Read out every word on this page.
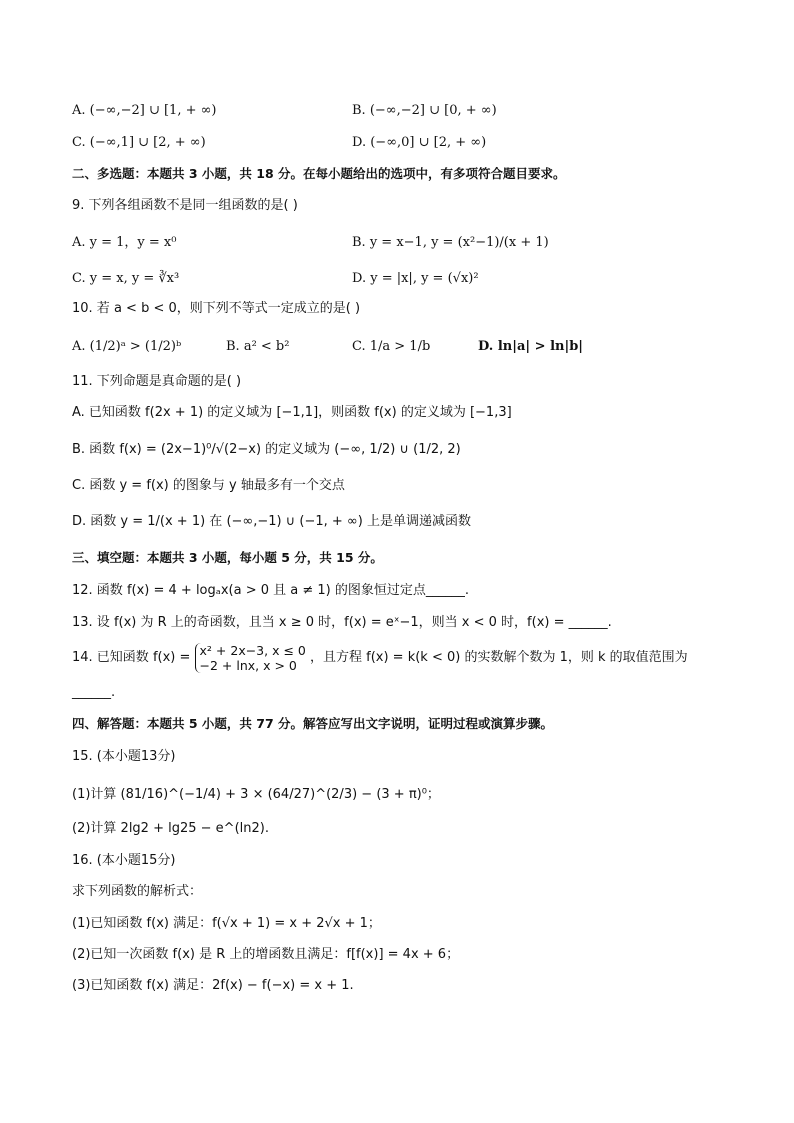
A. (−∞,−2] ∪ [1, + ∞)	B. (−∞,−2] ∪ [0, + ∞)
C. (−∞,1] ∪ [2, + ∞)	D. (−∞,0] ∪ [2, + ∞)
二、多选题：本题共 3 小题，共 18 分。在每小题给出的选项中，有多项符合题目要求。
9. 下列各组函数不是同一组函数的是( )
A. y = 1，y = x⁰	B. y = x−1, y = (x²−1)/(x + 1)
C. y = x, y = ∛x³	D. y = |x|, y = (√x)²
10. 若 a < b < 0，则下列不等式一定成立的是( )
A. (1/2)ᵃ > (1/2)ᵇ	B. a² < b²	C. 1/a > 1/b	D. ln|a| > ln|b|
11. 下列命题是真命题的是( )
A. 已知函数 f(2x + 1) 的定义域为 [−1,1]，则函数 f(x) 的定义域为 [−1,3]
B. 函数 f(x) = (2x−1)⁰/√(2−x) 的定义域为 (−∞, 1/2) ∪ (1/2, 2)
C. 函数 y = f(x) 的图象与 y 轴最多有一个交点
D. 函数 y = 1/(x + 1) 在 (−∞,−1) ∪ (−1, + ∞) 上是单调递减函数
三、填空题：本题共 3 小题，每小题 5 分，共 15 分。
12. 函数 f(x) = 4 + logₐx(a > 0 且 a ≠ 1) 的图象恒过定点______.
13. 设 f(x) 为 R 上的奇函数，且当 x ≥ 0 时，f(x) = eˣ−1，则当 x < 0 时，f(x) = ______.
14. 已知函数 f(x) = x² + 2x−3, x ≤ 0
−2 + lnx, x > 0
，且方程 f(x) = k(k < 0) 的实数解个数为 1，则 k 的取值范围为
______.
四、解答题：本题共 5 小题，共 77 分。解答应写出文字说明，证明过程或演算步骤。
15. (本小题13分)
(1)计算 (81/16)^(−1/4) + 3 × (64/27)^(2/3) − (3 + π)⁰；
(2)计算 2lg2 + lg25 − e^(ln2).
16. (本小题15分)
求下列函数的解析式：
(1)已知函数 f(x) 满足：f(√x + 1) = x + 2√x + 1；
(2)已知一次函数 f(x) 是 R 上的增函数且满足：f[f(x)] = 4x + 6；
(3)已知函数 f(x) 满足：2f(x) − f(−x) = x + 1.
